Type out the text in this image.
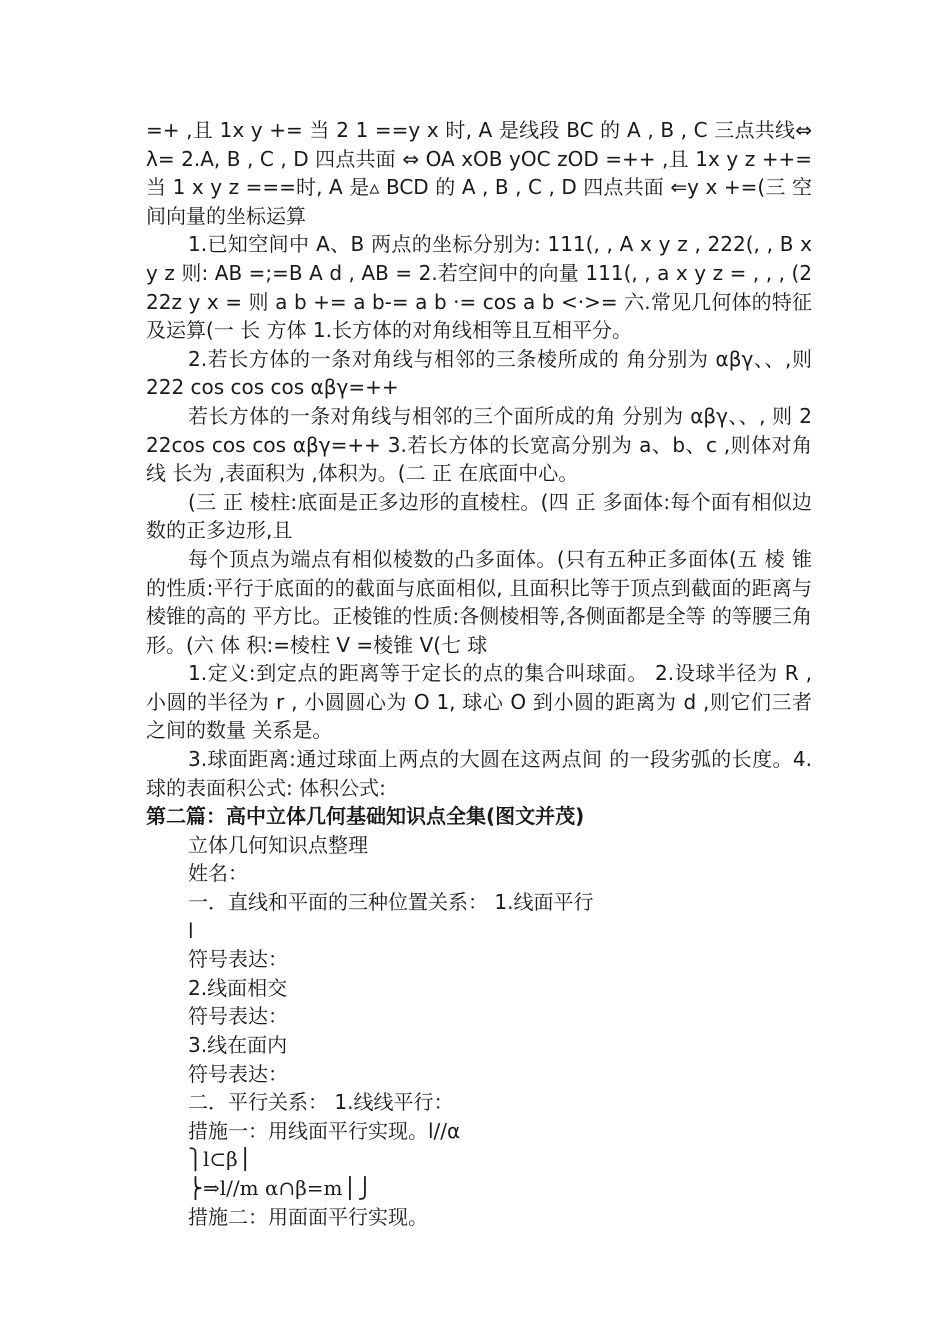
=+ ,且 1x y += 当 2 1 ==y x 时, A 是线段 BC 的 A , B , C 三点共线⇔λ= 2.A, B , C , D 四点共面 ⇔ OA xOB yOC zOD =++ ,且 1x y z ++= 当 1 x y z ===时, A 是▵ BCD 的 A , B , C , D 四点共面 ⇐y x +=(三 空间向量的坐标运算

1.已知空间中 A、B 两点的坐标分别为: 111(, , A x y z , 222(, , B x y z 则: AB =;=B A d , AB = 2.若空间中的向量 111(, , a x y z = , , , (222z y x = 则 a b += a b-= a b ·= cos a b <·>= 六.常见几何体的特征及运算(一 长 方体 1.长方体的对角线相等且互相平分。

2.若长方体的一条对角线与相邻的三条棱所成的 角分别为 αβγ、、,则 222 cos cos cos αβγ=++

若长方体的一条对角线与相邻的三个面所成的角 分别为 αβγ、、, 则 222cos cos cos αβγ=++ 3.若长方体的长宽高分别为 a、b、c ,则体对角线 长为 ,表面积为 ,体积为。(二 正 在底面中心。

(三 正 棱柱:底面是正多边形的直棱柱。(四 正 多面体:每个面有相似边数的正多边形,且

每个顶点为端点有相似棱数的凸多面体。(只有五种正多面体(五 棱 锥的性质:平行于底面的的截面与底面相似, 且面积比等于顶点到截面的距离与棱锥的高的 平方比。正棱锥的性质:各侧棱相等,各侧面都是全等 的等腰三角形。(六 体 积:=棱柱 V =棱锥 V(七 球

1.定义:到定点的距离等于定长的点的集合叫球面。 2.设球半径为 R , 小圆的半径为 r , 小圆圆心为 O 1, 球心 O 到小圆的距离为 d ,则它们三者之间的数量 关系是。

3.球面距离:通过球面上两点的大圆在这两点间 的一段劣弧的长度。4.球的表面积公式: 体积公式:

第二篇：高中立体几何基础知识点全集(图文并茂)

立体几何知识点整理

姓名：

一．直线和平面的三种位置关系： 1.线面平行

l

符号表达：

2.线面相交

符号表达：

3.线在面内

符号表达：

二．平行关系： 1.线线平行：

措施一：用线面平行实现。l//α

⎫l⊂β⎪

⎬⇒l//m α∩β=m⎪⎭

措施二：用面面平行实现。
